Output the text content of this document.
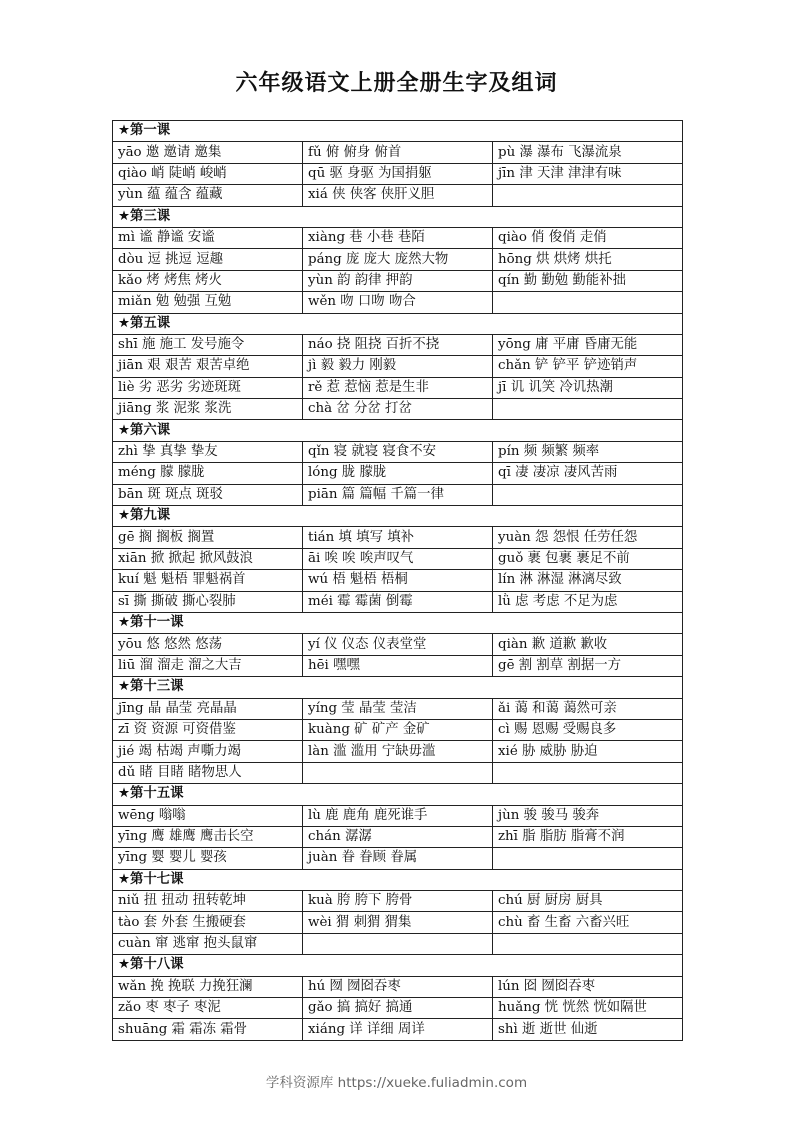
六年级语文上册全册生字及组词
★第一课		
yāo 邀 邀请 邀集	fǔ 俯 俯身 俯首	pù 瀑 瀑布 飞瀑流泉
qiào 峭 陡峭 峻峭	qū 驱 身驱 为国捐躯	jīn 津 天津 津津有味
yùn 蕴 蕴含 蕴藏	xiá 侠 侠客 侠肝义胆	
★第三课		
mì 谧 静谧 安谧	xiàng 巷 小巷 巷陌	qiào 俏 俊俏 走俏
dòu 逗 挑逗 逗趣	páng 庞 庞大 庞然大物	hōng 烘 烘烤 烘托
kǎo 烤 烤焦 烤火	yùn 韵 韵律 押韵	qín 勤 勤勉 勤能补拙
miǎn 勉 勉强 互勉	wěn 吻 口吻 吻合	
★第五课		
shī 施 施工 发号施令	náo 挠 阻挠 百折不挠	yōng 庸 平庸 昏庸无能
jiān 艰 艰苦 艰苦卓绝	jì 毅 毅力 刚毅	chǎn 铲 铲平 铲迹销声
liè 劣 恶劣 劣迹斑斑	rě 惹 惹恼 惹是生非	jī 讥 讥笑 冷讥热潮
jiāng 浆 泥浆 浆洗	chà 岔 分岔 打岔	
★第六课		
zhì 挚 真挚 挚友	qǐn 寝 就寝 寝食不安	pín 频 频繁 频率
méng 朦 朦胧	lóng 胧 朦胧	qī 凄 凄凉 凄风苦雨
bān 斑 斑点 斑驳	piān 篇 篇幅 千篇一律	
★第九课		
gē 搁 搁板 搁置	tián 填 填写 填补	yuàn 怨 怨恨 任劳任怨
xiān 掀 掀起 掀风鼓浪	āi 唉 唉 唉声叹气	guǒ 裹 包裹 裹足不前
kuí 魁 魁梧 罪魁祸首	wú 梧 魁梧 梧桐	lín 淋 淋湿 淋漓尽致
sī 撕 撕破 撕心裂肺	méi 霉 霉菌 倒霉	lǜ 虑 考虑 不足为虑
★第十一课		
yōu 悠 悠然 悠荡	yí 仪 仪态 仪表堂堂	qiàn 歉 道歉 歉收
liū 溜 溜走 溜之大吉	hēi 嘿嘿	gē 割 割草 割据一方
★第十三课		
jīng 晶 晶莹 亮晶晶	yíng 莹 晶莹 莹洁	ǎi 蔼 和蔼 蔼然可亲
zī 资 资源 可资借鉴	kuàng 矿 矿产 金矿	cì 赐 恩赐 受赐良多
jié 竭 枯竭 声嘶力竭	làn 滥 滥用 宁缺毋滥	xié 胁 威胁 胁迫
dǔ 睹 目睹 睹物思人		
★第十五课		
wēng 嗡嗡	lù 鹿 鹿角 鹿死谁手	jùn 骏 骏马 骏奔
yīng 鹰 雄鹰 鹰击长空	chán 潺潺	zhī 脂 脂肪 脂膏不润
yīng 婴 婴儿 婴孩	juàn 眷 眷顾 眷属	
★第十七课		
niǔ 扭 扭动 扭转乾坤	kuà 胯 胯下 胯骨	chú 厨 厨房 厨具
tào 套 外套 生搬硬套	wèi 猬 刺猬 猬集	chù 畜 生畜 六畜兴旺
cuàn 窜 逃窜 抱头鼠窜		
★第十八课		
wǎn 挽 挽联 力挽狂澜	hú 囫 囫囵吞枣	lún 囵 囫囵吞枣
zǎo 枣 枣子 枣泥	gǎo 搞 搞好 搞通	huǎng 恍 恍然 恍如隔世
shuāng 霜 霜冻 霜骨	xiáng 详 详细 周详	shì 逝 逝世 仙逝
学科资源库 https://xueke.fuliadmin.com
